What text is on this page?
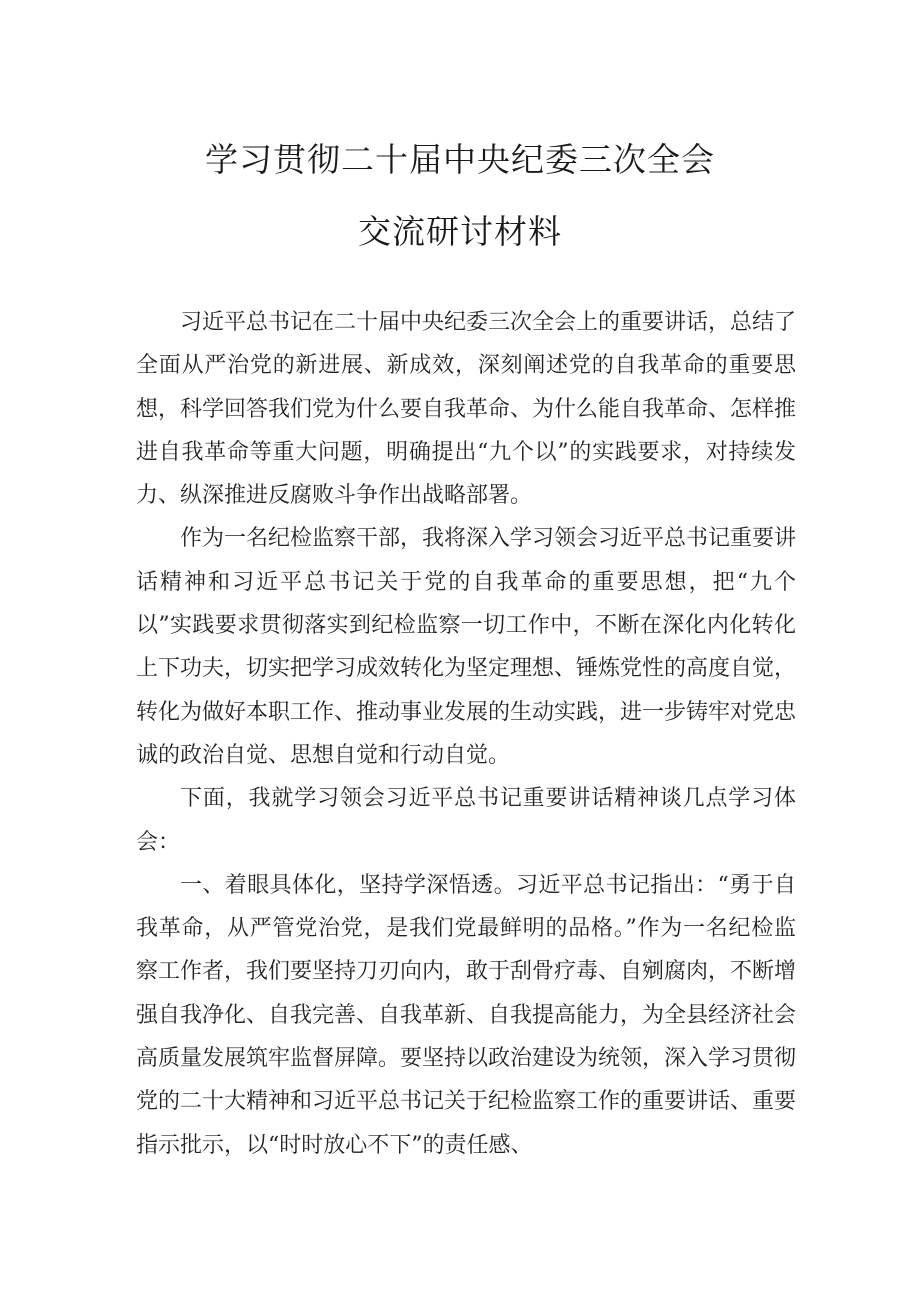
学习贯彻二十届中央纪委三次全会
交流研讨材料

习近平总书记在二十届中央纪委三次全会上的重要讲话，总结了全面从严治党的新进展、新成效，深刻阐述党的自我革命的重要思想，科学回答我们党为什么要自我革命、为什么能自我革命、怎样推进自我革命等重大问题，明确提出“九个以”的实践要求，对持续发力、纵深推进反腐败斗争作出战略部署。

作为一名纪检监察干部，我将深入学习领会习近平总书记重要讲话精神和习近平总书记关于党的自我革命的重要思想，把“九个以”实践要求贯彻落实到纪检监察一切工作中，不断在深化内化转化上下功夫，切实把学习成效转化为坚定理想、锤炼党性的高度自觉，转化为做好本职工作、推动事业发展的生动实践，进一步铸牢对党忠诚的政治自觉、思想自觉和行动自觉。

下面，我就学习领会习近平总书记重要讲话精神谈几点学习体会：

一、着眼具体化，坚持学深悟透。习近平总书记指出：“勇于自我革命，从严管党治党，是我们党最鲜明的品格。”作为一名纪检监察工作者，我们要坚持刀刃向内，敢于刮骨疗毒、自剜腐肉，不断增强自我净化、自我完善、自我革新、自我提高能力，为全县经济社会高质量发展筑牢监督屏障。要坚持以政治建设为统领，深入学习贯彻党的二十大精神和习近平总书记关于纪检监察工作的重要讲话、重要指示批示，以“时时放心不下”的责任感、
